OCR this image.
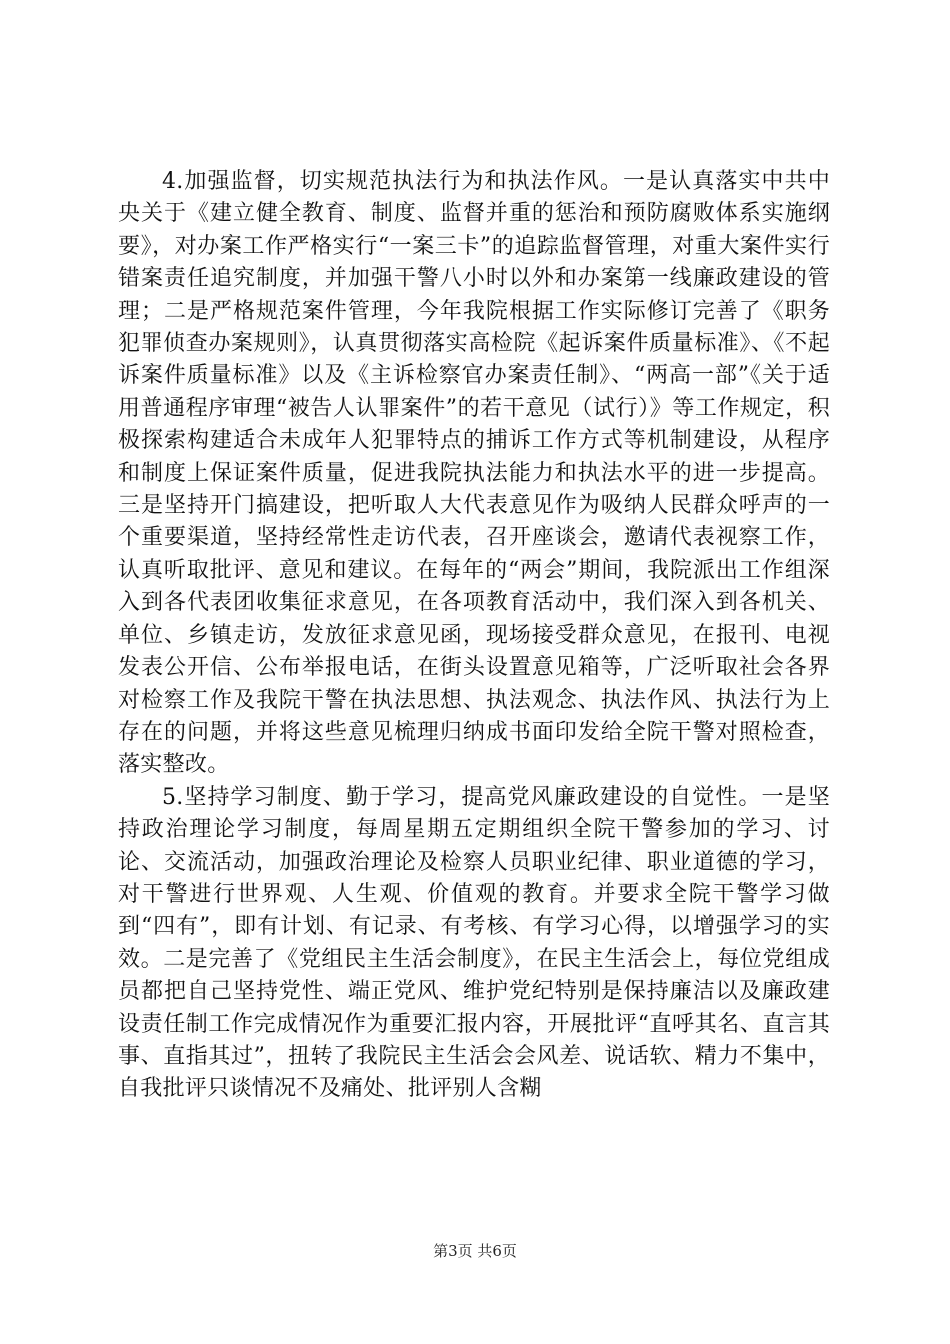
4.加强监督，切实规范执法行为和执法作风。一是认真落实中共中央关于《建立健全教育、制度、监督并重的惩治和预防腐败体系实施纲要》，对办案工作严格实行“一案三卡”的追踪监督管理，对重大案件实行错案责任追究制度，并加强干警八小时以外和办案第一线廉政建设的管理；二是严格规范案件管理，今年我院根据工作实际修订完善了《职务犯罪侦查办案规则》，认真贯彻落实高检院《起诉案件质量标准》、《不起诉案件质量标准》以及《主诉检察官办案责任制》、“两高一部”《关于适用普通程序审理“被告人认罪案件”的若干意见（试行）》等工作规定，积极探索构建适合未成年人犯罪特点的捕诉工作方式等机制建设，从程序和制度上保证案件质量，促进我院执法能力和执法水平的进一步提高。三是坚持开门搞建设，把听取人大代表意见作为吸纳人民群众呼声的一个重要渠道，坚持经常性走访代表，召开座谈会，邀请代表视察工作，认真听取批评、意见和建议。在每年的“两会”期间，我院派出工作组深入到各代表团收集征求意见，在各项教育活动中，我们深入到各机关、单位、乡镇走访，发放征求意见函，现场接受群众意见，在报刊、电视发表公开信、公布举报电话，在街头设置意见箱等，广泛听取社会各界对检察工作及我院干警在执法思想、执法观念、执法作风、执法行为上存在的问题，并将这些意见梳理归纳成书面印发给全院干警对照检查，落实整改。

5.坚持学习制度、勤于学习，提高党风廉政建设的自觉性。一是坚持政治理论学习制度，每周星期五定期组织全院干警参加的学习、讨论、交流活动，加强政治理论及检察人员职业纪律、职业道德的学习，对干警进行世界观、人生观、价值观的教育。并要求全院干警学习做到“四有”，即有计划、有记录、有考核、有学习心得，以增强学习的实效。二是完善了《党组民主生活会制度》，在民主生活会上，每位党组成员都把自己坚持党性、端正党风、维护党纪特别是保持廉洁以及廉政建设责任制工作完成情况作为重要汇报内容，开展批评“直呼其名、直言其事、直指其过”，扭转了我院民主生活会会风差、说话软、精力不集中，自我批评只谈情况不及痛处、批评别人含糊

第3页 共6页
